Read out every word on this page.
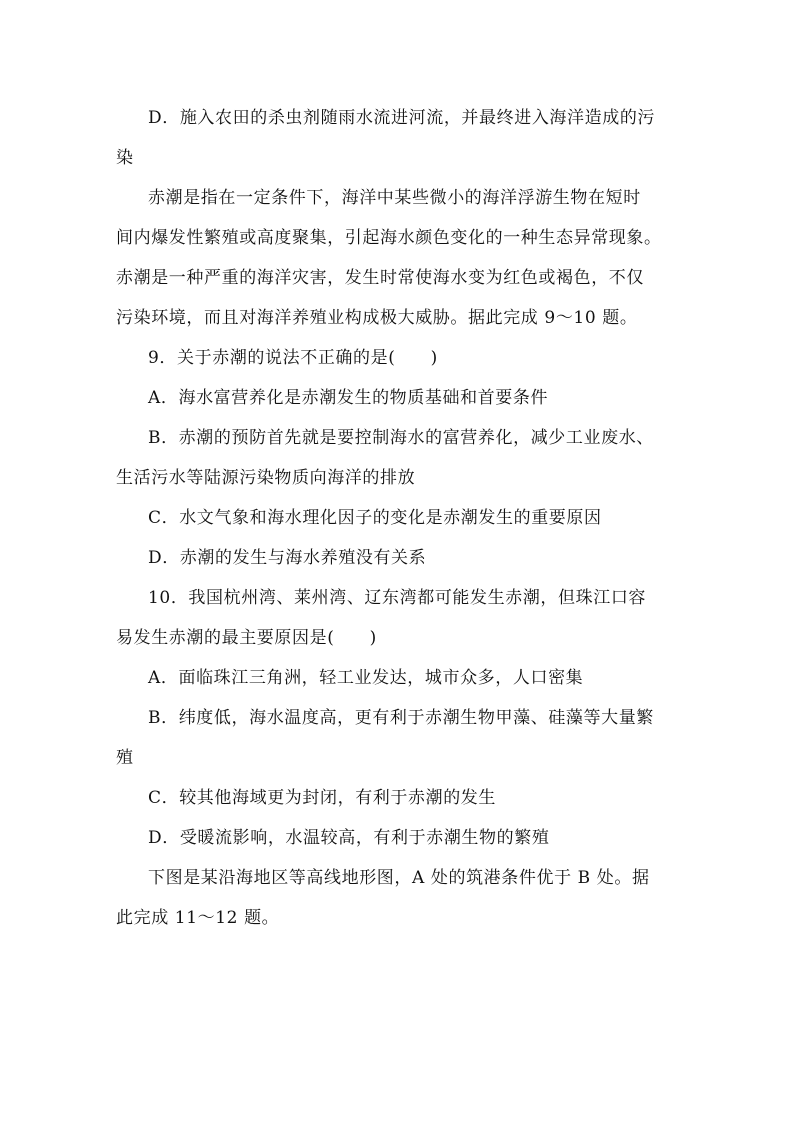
D．施入农田的杀虫剂随雨水流进河流，并最终进入海洋造成的污
染
赤潮是指在一定条件下，海洋中某些微小的海洋浮游生物在短时
间内爆发性繁殖或高度聚集，引起海水颜色变化的一种生态异常现象。
赤潮是一种严重的海洋灾害，发生时常使海水变为红色或褐色，不仅
污染环境，而且对海洋养殖业构成极大威胁。据此完成 9～10 题。
9．关于赤潮的说法不正确的是(　　)
A．海水富营养化是赤潮发生的物质基础和首要条件
B．赤潮的预防首先就是要控制海水的富营养化，减少工业废水、
生活污水等陆源污染物质向海洋的排放
C．水文气象和海水理化因子的变化是赤潮发生的重要原因
D．赤潮的发生与海水养殖没有关系
10．我国杭州湾、莱州湾、辽东湾都可能发生赤潮，但珠江口容
易发生赤潮的最主要原因是(　　)
A．面临珠江三角洲，轻工业发达，城市众多，人口密集
B．纬度低，海水温度高，更有利于赤潮生物甲藻、硅藻等大量繁
殖
C．较其他海域更为封闭，有利于赤潮的发生
D．受暖流影响，水温较高，有利于赤潮生物的繁殖
下图是某沿海地区等高线地形图，A 处的筑港条件优于 B 处。据
此完成 11～12 题。
